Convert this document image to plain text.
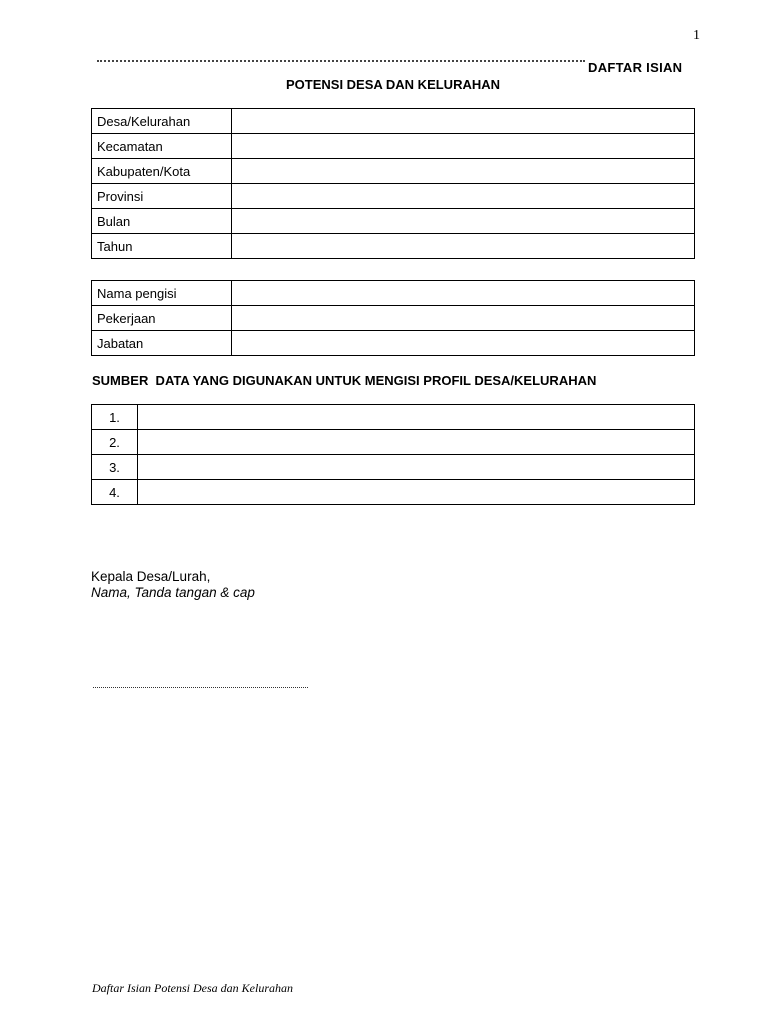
1
DAFTAR ISIAN
POTENSI DESA DAN KELURAHAN
Desa/Kelurahan	
Kecamatan	
Kabupaten/Kota	
Provinsi	
Bulan	
Tahun	
Nama pengisi	
Pekerjaan	
Jabatan	
SUMBER  DATA YANG DIGUNAKAN UNTUK MENGISI PROFIL DESA/KELURAHAN
1.	
2.	
3.	
4.	
Kepala Desa/Lurah,
Nama, Tanda tangan & cap
Daftar Isian Potensi Desa dan Kelurahan
